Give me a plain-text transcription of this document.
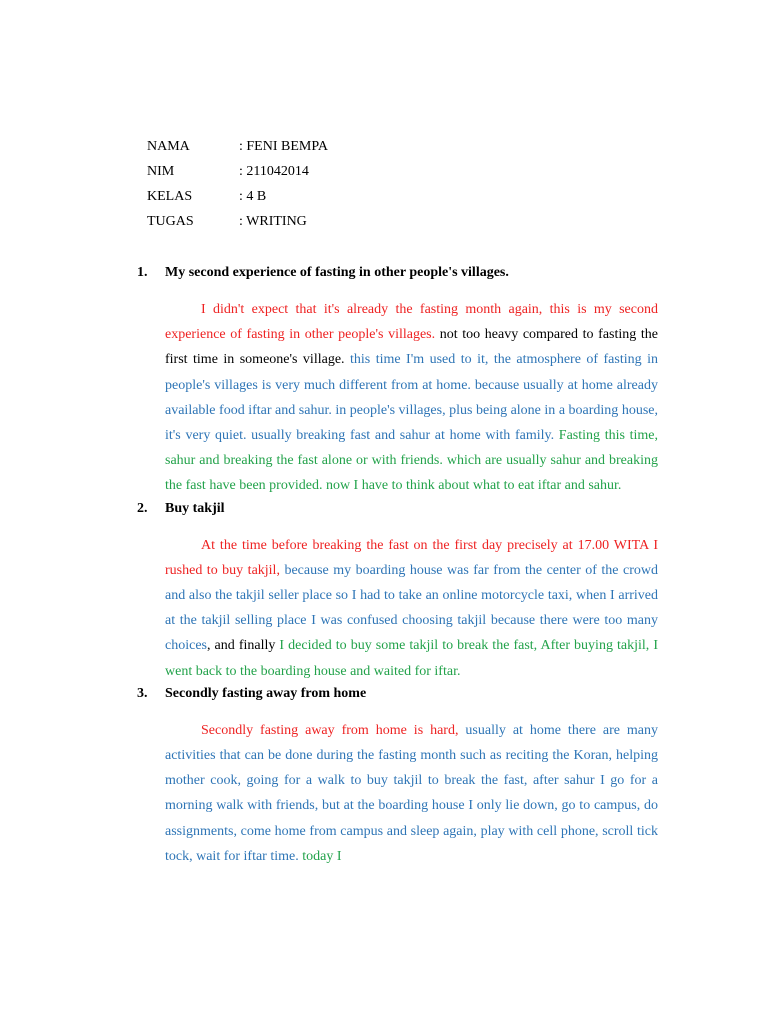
NAMA	: FENI BEMPA
NIM	: 211042014
KELAS	: 4 B
TUGAS	: WRITING
1. My second experience of fasting in other people's villages.

I didn't expect that it's already the fasting month again, this is my second experience of fasting in other people's villages. not too heavy compared to fasting the first time in someone's village. this time I'm used to it, the atmosphere of fasting in people's villages is very much different from at home. because usually at home already available food iftar and sahur. in people's villages, plus being alone in a boarding house, it's very quiet. usually breaking fast and sahur at home with family. Fasting this time, sahur and breaking the fast alone or with friends. which are usually sahur and breaking the fast have been provided. now I have to think about what to eat iftar and sahur.

2. Buy takjil

At the time before breaking the fast on the first day precisely at 17.00 WITA I rushed to buy takjil, because my boarding house was far from the center of the crowd and also the takjil seller place so I had to take an online motorcycle taxi, when I arrived at the takjil selling place I was confused choosing takjil because there were too many choices, and finally I decided to buy some takjil to break the fast, After buying takjil, I went back to the boarding house and waited for iftar.

3. Secondly fasting away from home

Secondly fasting away from home is hard, usually at home there are many activities that can be done during the fasting month such as reciting the Koran, helping mother cook, going for a walk to buy takjil to break the fast, after sahur I go for a morning walk with friends, but at the boarding house I only lie down, go to campus, do assignments, come home from campus and sleep again, play with cell phone, scroll tick tock, wait for iftar time. today I
